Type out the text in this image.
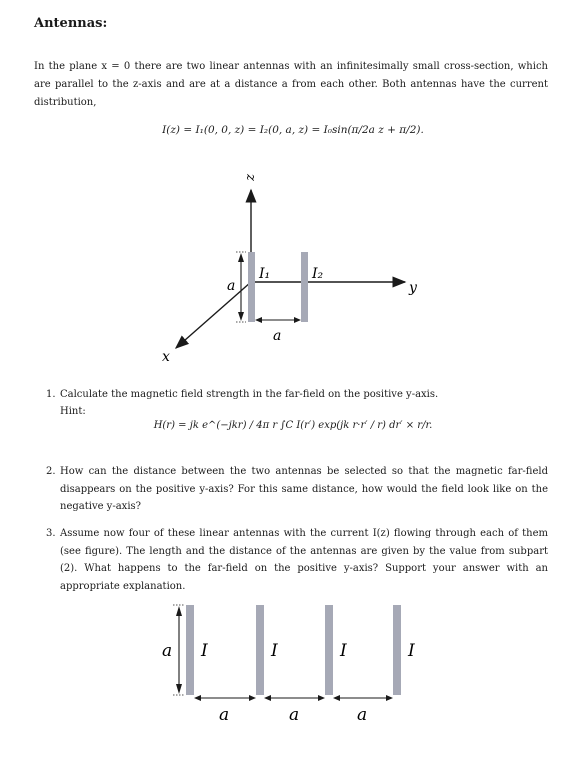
Antennas:
In the plane x = 0 there are two linear antennas with an infinitesimally small cross-section, which are parallel to the z-axis and are at a distance a from each other. Both antennas have the current distribution,
I(z) = I₁(0, 0, z) = I₂(0, a, z) = I₀sin(π/2a z + π/2).
z
y
x
a
a
I₁	I₂
a I	I	I	I
a	a	a
1. Calculate the magnetic field strength in the far-field on the positive y-axis.
Hint:
H(r) = jk e^(−jkr) / 4π r ∫C I(r′) exp(jk r·r′ / r) dr′ × r/r.
2. How can the distance between the two antennas be selected so that the magnetic far-field disappears on the positive y-axis? For this same distance, how would the field look like on the negative y-axis?
3. Assume now four of these linear antennas with the current I(z) flowing through each of them (see figure). The length and the distance of the antennas are given by the value from subpart (2). What happens to the far-field on the positive y-axis? Support your answer with an appropriate explanation.
